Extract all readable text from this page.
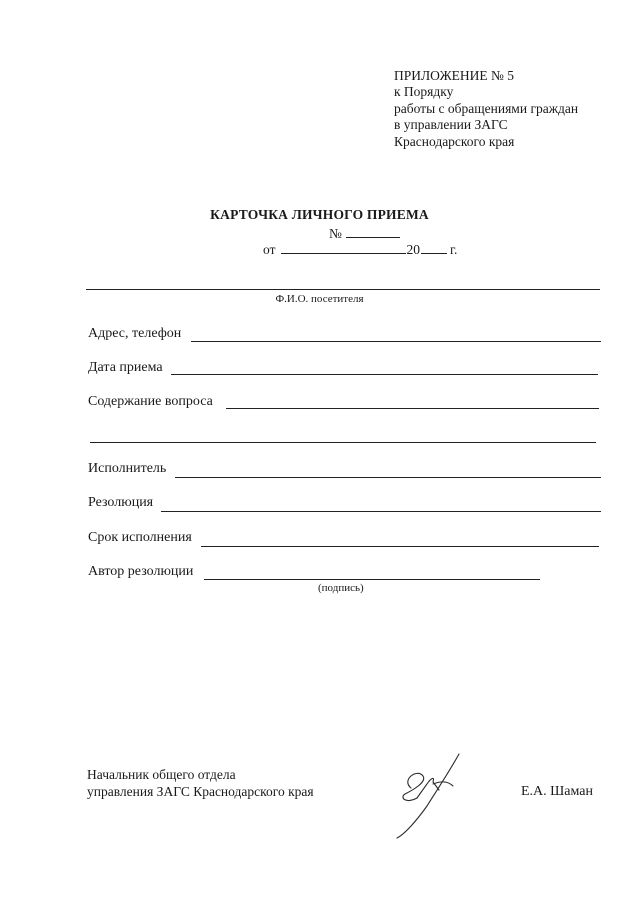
ПРИЛОЖЕНИЕ № 5
к Порядку
работы с обращениями граждан
в управлении ЗАГС
Краснодарского края
КАРТОЧКА ЛИЧНОГО ПРИЕМА
№
от	20 г.
Ф.И.О. посетителя
Адрес, телефон
Дата приема
Содержание вопроса
Исполнитель
Резолюция
Срок исполнения
Автор резолюции
(подпись)
Начальник общего отдела
управления ЗАГС Краснодарского края	Е.А. Шаман
